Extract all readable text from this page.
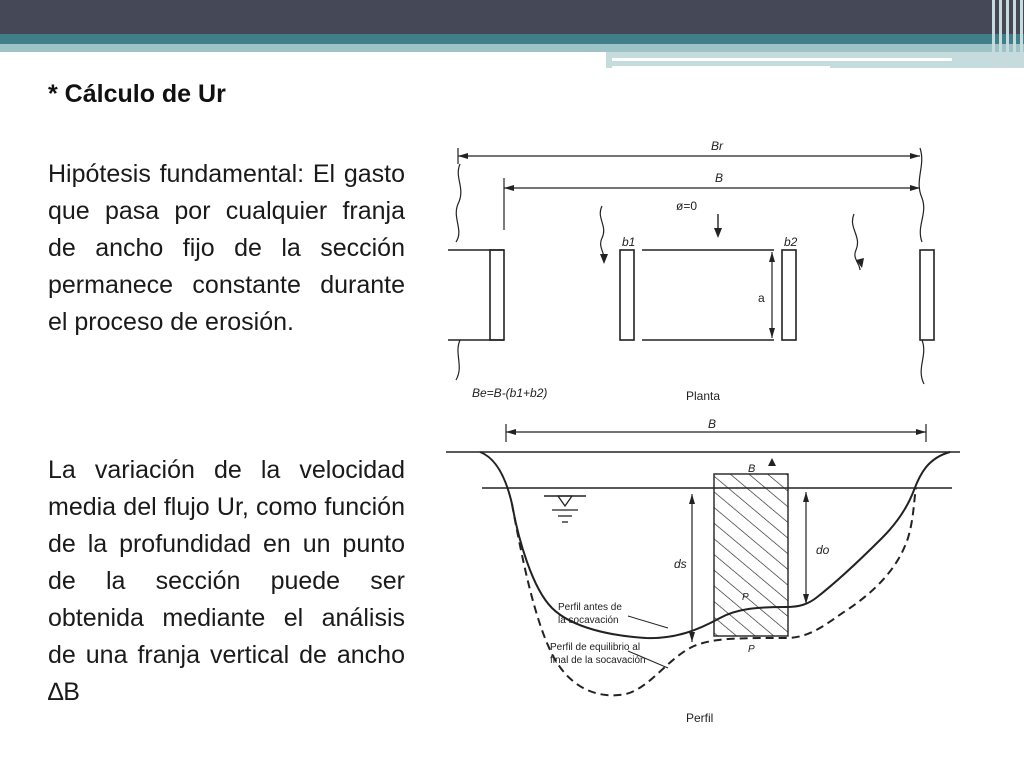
* Cálculo de Ur
Hipótesis fundamental: El gasto que pasa por cualquier franja de ancho fijo de la sección permanece constante durante el proceso de erosión.
La variación de la velocidad media del flujo Ur, como función de la profundidad en un punto de la sección puede ser obtenida mediante el análisis de una franja vertical de ancho ∆B
Br
B
ø=0
b1	b2
a
Be=B-(b1+b2)	Planta
B
B
ds
do
P
P
Perfil antes de
la socavación
Perfil de equilibrio al
final de la socavación
Perfil
